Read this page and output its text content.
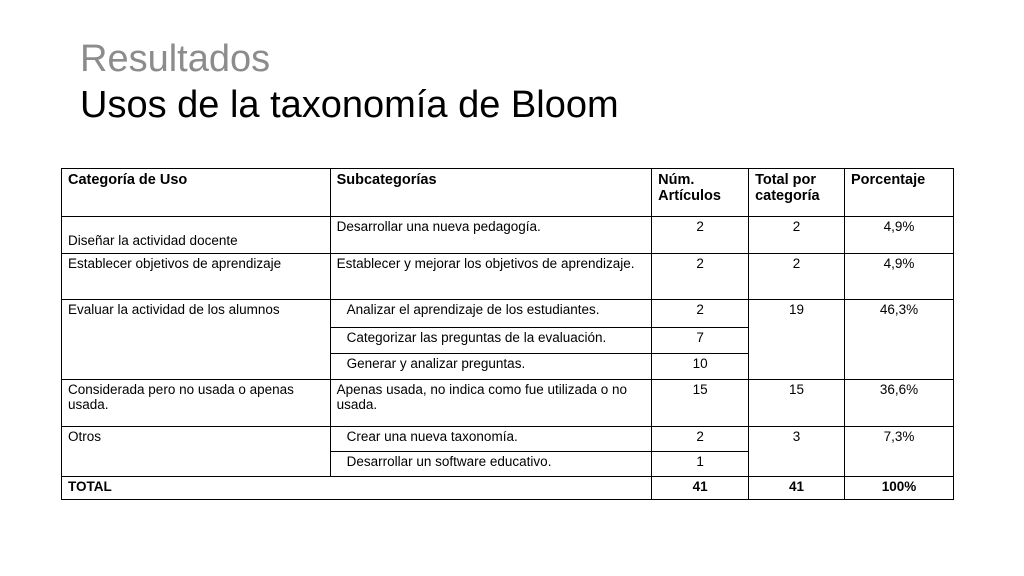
Resultados
Usos de la taxonomía de Bloom
Categoría de Uso	Subcategorías	Núm. Artículos	Total por categoría	Porcentaje
Diseñar la actividad docente	Desarrollar una nueva pedagogía.	2	2	4,9%
Establecer objetivos de aprendizaje	Establecer y mejorar los objetivos de aprendizaje.	2	2	4,9%
Evaluar la actividad de los alumnos	Analizar el aprendizaje de los estudiantes.	2	19	46,3%
	Categorizar las preguntas de la evaluación.	7		
	Generar y analizar preguntas.	10		
Considerada pero no usada o apenas usada.	Apenas usada, no indica como fue utilizada o no usada.	15	15	36,6%
Otros	Crear una nueva taxonomía.	2	3	7,3%
	Desarrollar un software educativo.	1		
TOTAL		41	41	100%
